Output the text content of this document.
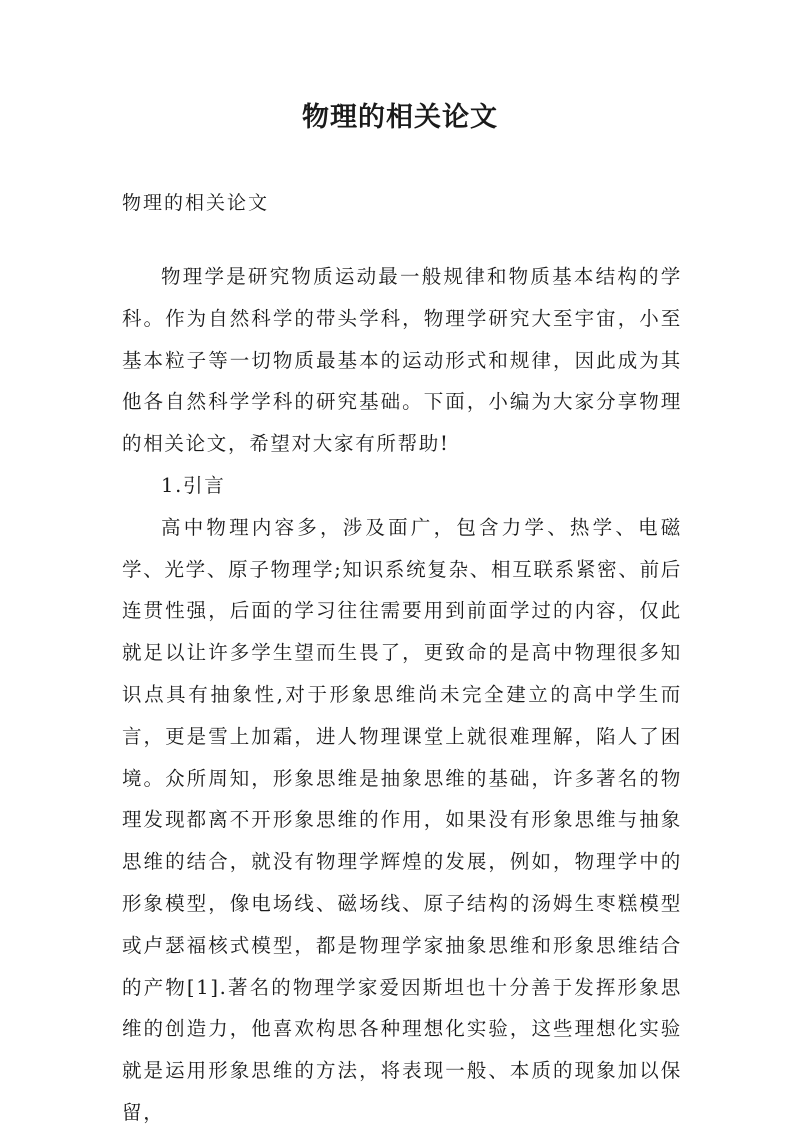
物理的相关论文

物理的相关论文

物理学是研究物质运动最一般规律和物质基本结构的学科。作为自然科学的带头学科，物理学研究大至宇宙，小至基本粒子等一切物质最基本的运动形式和规律，因此成为其他各自然科学学科的研究基础。下面，小编为大家分享物理的相关论文，希望对大家有所帮助!

1.引言

高中物理内容多，涉及面广，包含力学、热学、电磁学、光学、原子物理学;知识系统复杂、相互联系紧密、前后连贯性强，后面的学习往往需要用到前面学过的内容，仅此就足以让许多学生望而生畏了，更致命的是高中物理很多知识点具有抽象性,对于形象思维尚未完全建立的高中学生而言，更是雪上加霜，进人物理课堂上就很难理解，陷人了困境。众所周知，形象思维是抽象思维的基础，许多著名的物理发现都离不开形象思维的作用，如果没有形象思维与抽象思维的结合，就没有物理学辉煌的发展，例如，物理学中的形象模型，像电场线、磁场线、原子结构的汤姆生枣糕模型或卢瑟福核式模型，都是物理学家抽象思维和形象思维结合的产物[1].著名的物理学家爱因斯坦也十分善于发挥形象思维的创造力，他喜欢构思各种理想化实验，这些理想化实验就是运用形象思维的方法，将表现一般、本质的现象加以保留，
